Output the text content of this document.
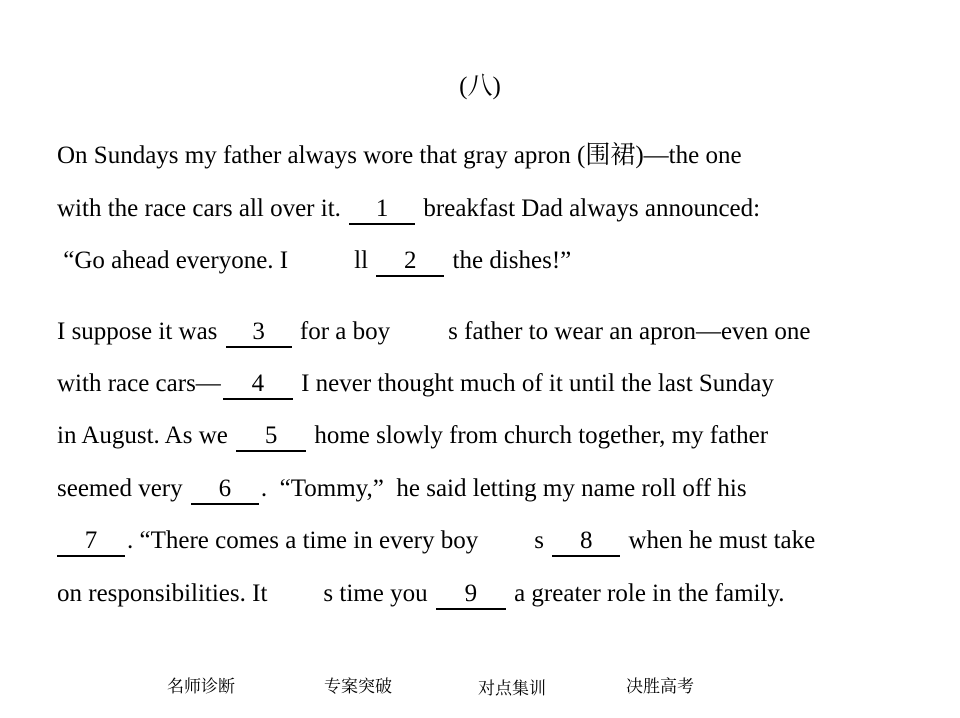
(八)
On Sundays my father always wore that gray apron (围裙)—the one
with the race cars all over it. 1 breakfast Dad always announced:
“Go ahead everyone. I	ll 2 the dishes!”
I suppose it was 3 for a boy s father to wear an apron—even one
with race cars— 4 I never thought much of it until the last Sunday
in August. As we 5 home slowly from church together, my father
seemed very 6 .  “Tommy,”  he said letting my name roll off his
7 . “There comes a time in every boy s 8 when he must take
on responsibilities. It s time you 9 a greater role in the family.
名师诊断	专案突破	对点集训	决胜高考
